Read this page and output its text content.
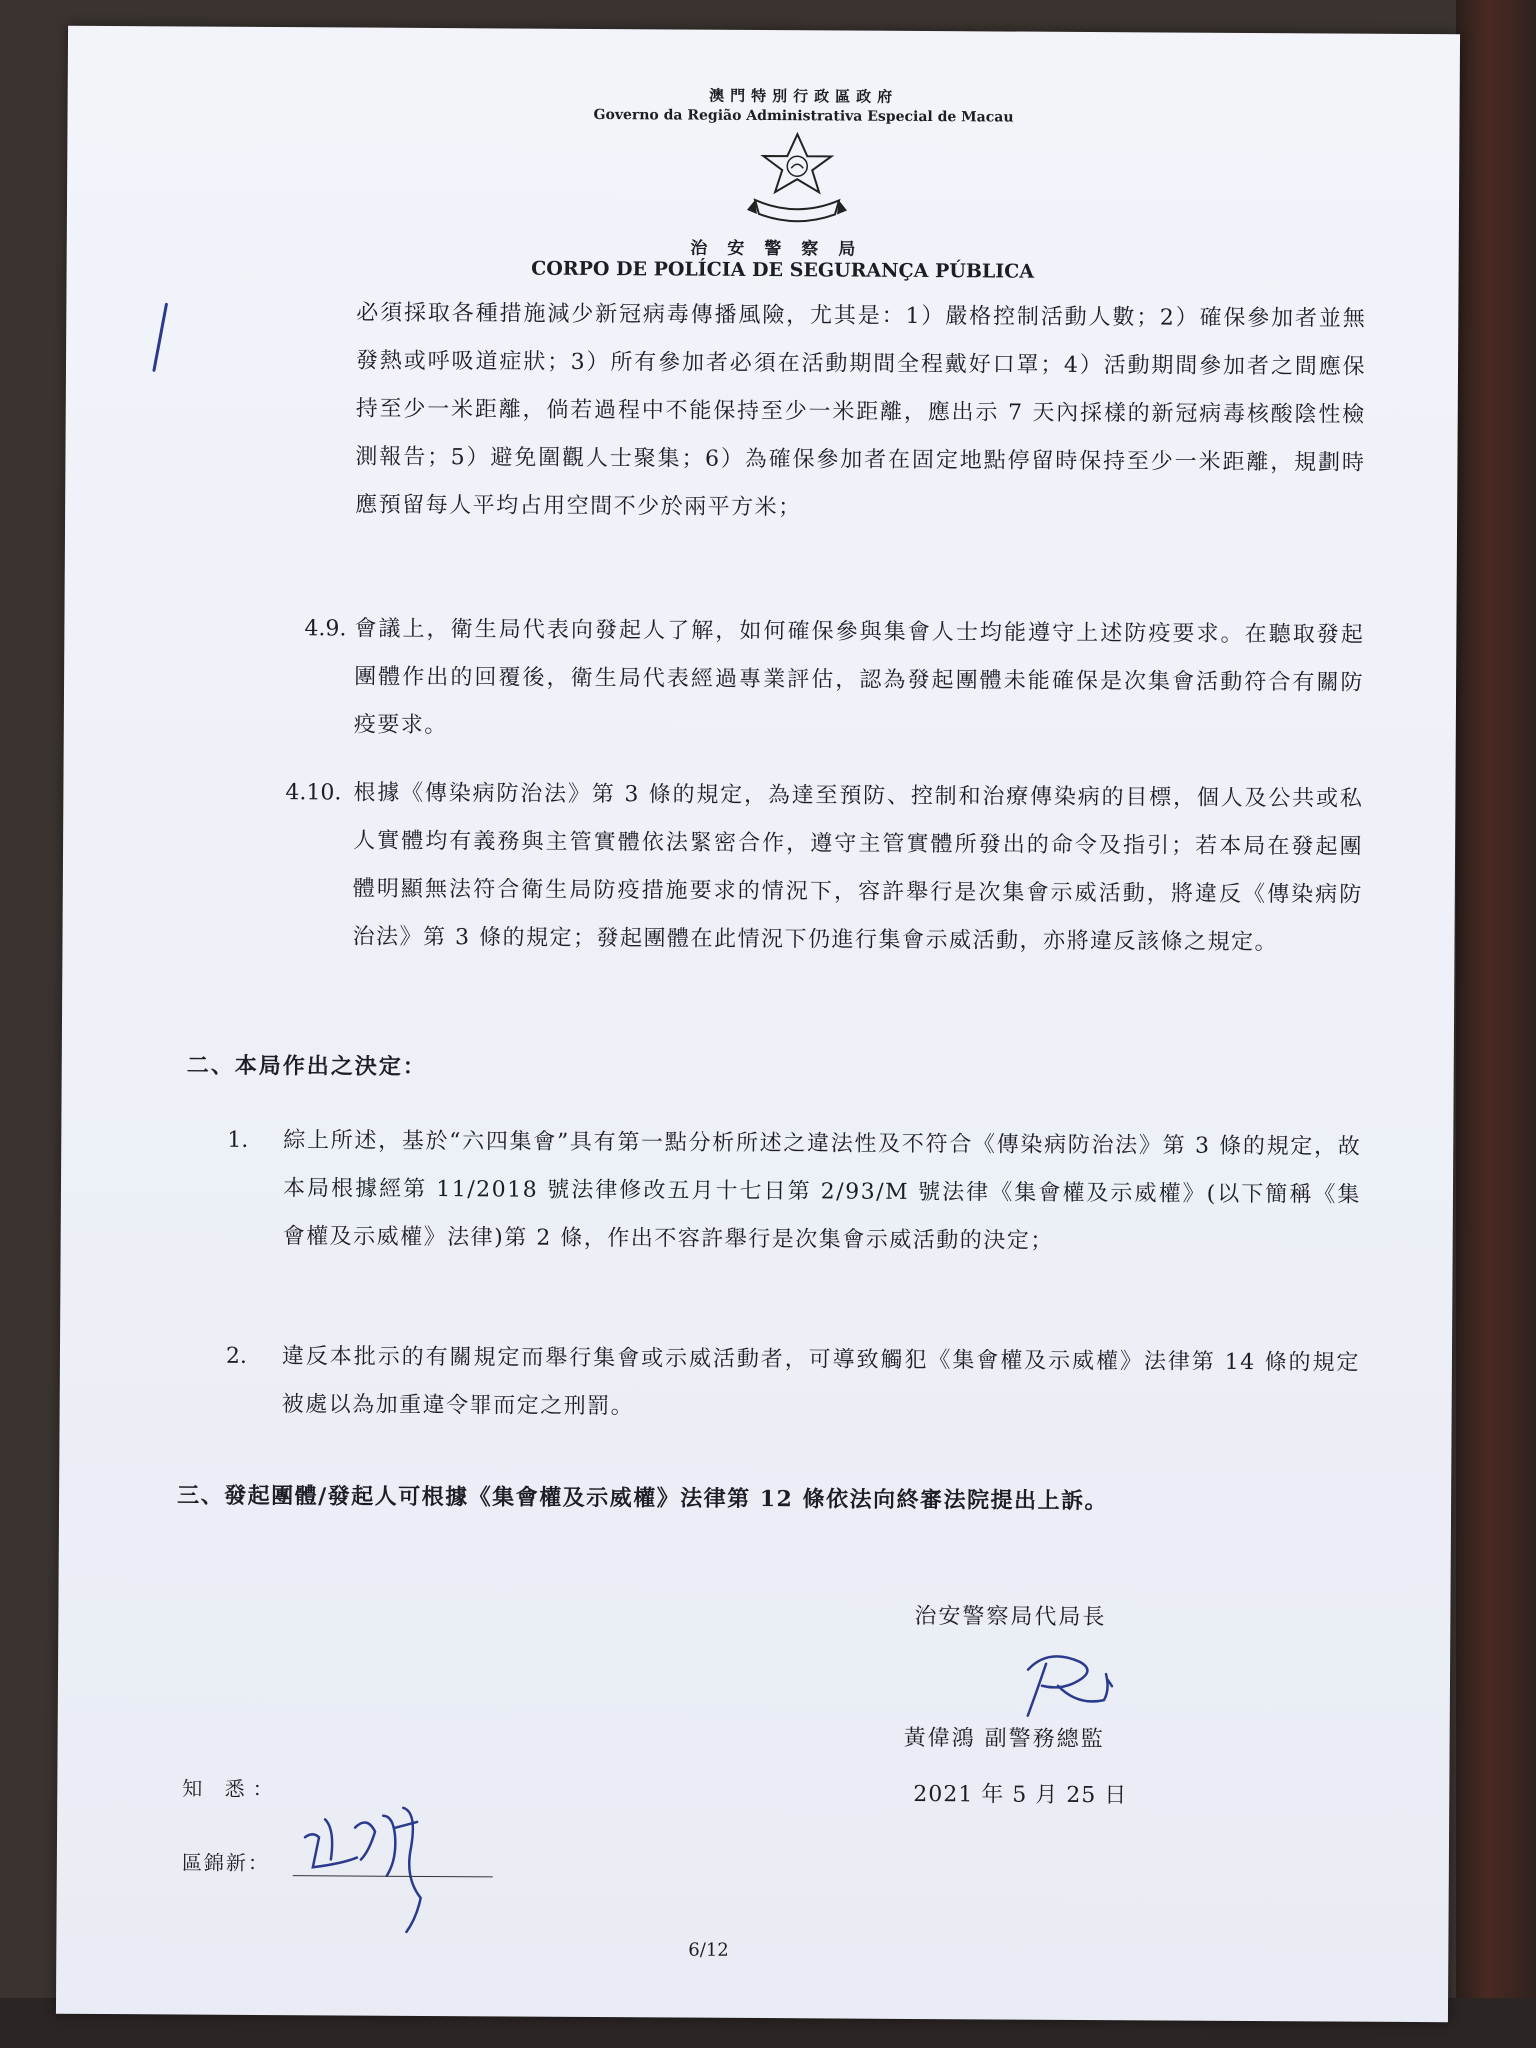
澳門特別行政區政府
Governo da Região Administrativa Especial de Macau
治安警察局
CORPO DE POLÍCIA DE SEGURANÇA PÚBLICA
必須採取各種措施減少新冠病毒傳播風險，尤其是：1）嚴格控制活動人數；2）確保參加者並無發熱或呼吸道症狀；3）所有參加者必須在活動期間全程戴好口罩；4）活動期間參加者之間應保持至少一米距離，倘若過程中不能保持至少一米距離，應出示 7 天內採樣的新冠病毒核酸陰性檢測報告；5）避免圍觀人士聚集；6）為確保參加者在固定地點停留時保持至少一米距離，規劃時應預留每人平均占用空間不少於兩平方米；
4.9. 會議上，衛生局代表向發起人了解，如何確保參與集會人士均能遵守上述防疫要求。在聽取發起團體作出的回覆後，衛生局代表經過專業評估，認為發起團體未能確保是次集會活動符合有關防疫要求。
4.10. 根據《傳染病防治法》第 3 條的規定，為達至預防、控制和治療傳染病的目標，個人及公共或私人實體均有義務與主管實體依法緊密合作，遵守主管實體所發出的命令及指引；若本局在發起團體明顯無法符合衛生局防疫措施要求的情況下，容許舉行是次集會示威活動，將違反《傳染病防治法》第 3 條的規定；發起團體在此情況下仍進行集會示威活動，亦將違反該條之規定。
二、本局作出之決定：
1. 綜上所述，基於“六四集會”具有第一點分析所述之違法性及不符合《傳染病防治法》第 3 條的規定，故本局根據經第 11/2018 號法律修改五月十七日第 2/93/M 號法律《集會權及示威權》(以下簡稱《集會權及示威權》法律)第 2 條，作出不容許舉行是次集會示威活動的決定；
2. 違反本批示的有關規定而舉行集會或示威活動者，可導致觸犯《集會權及示威權》法律第 14 條的規定被處以為加重違令罪而定之刑罰。
三、發起團體/發起人可根據《集會權及示威權》法律第 12 條依法向終審法院提出上訴。
治安警察局代局長
黃偉鴻 副警務總監
2021 年 5 月 25 日
知 悉：
區錦新：
6/12
